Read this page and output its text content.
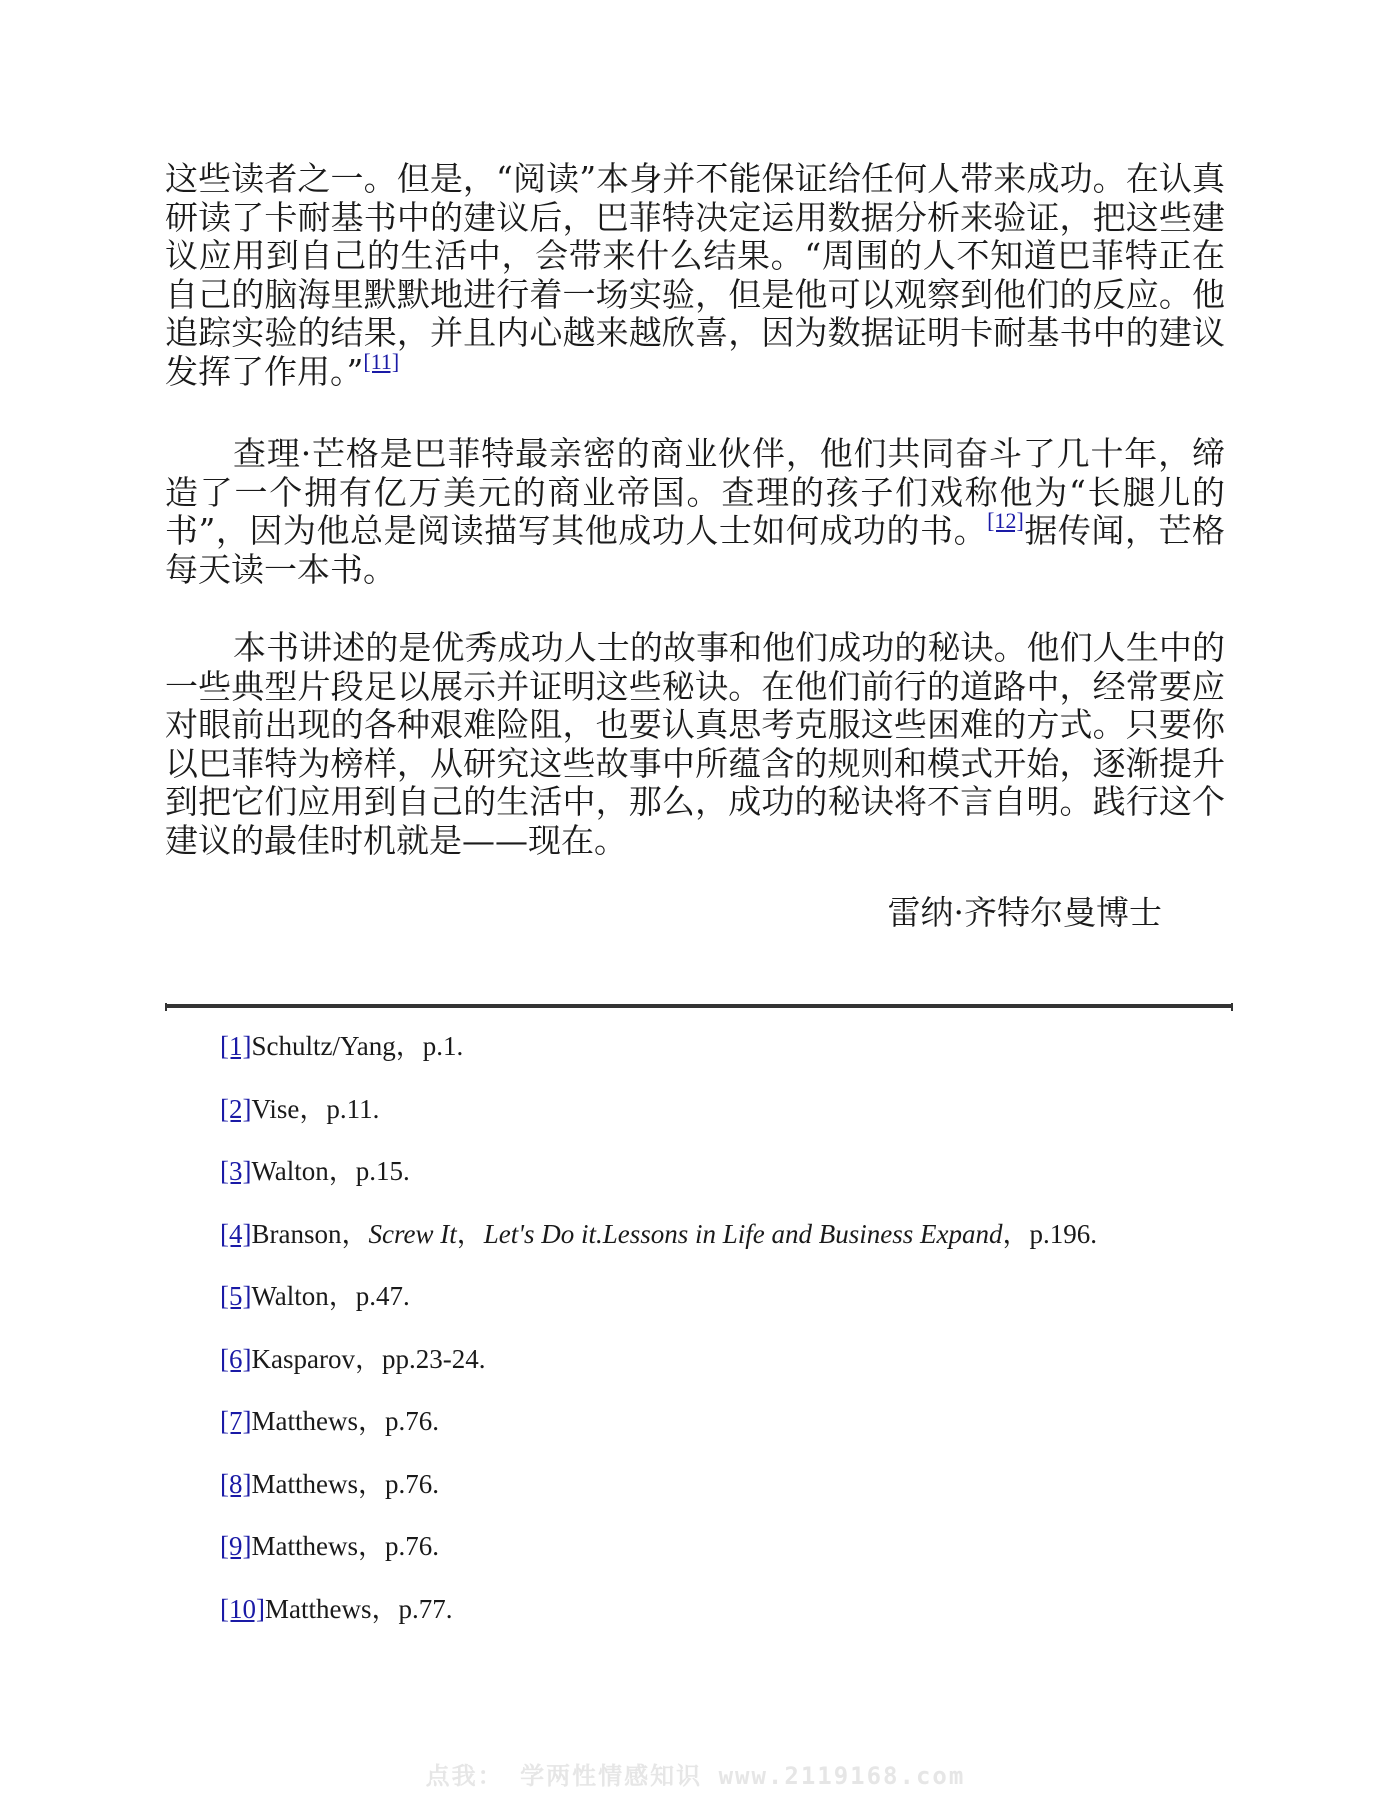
这些读者之一。但是，“阅读”本身并不能保证给任何人带来成功。在认真研读了卡耐基书中的建议后，巴菲特决定运用数据分析来验证，把这些建议应用到自己的生活中，会带来什么结果。“周围的人不知道巴菲特正在自己的脑海里默默地进行着一场实验，但是他可以观察到他们的反应。他追踪实验的结果，并且内心越来越欣喜，因为数据证明卡耐基书中的建议发挥了作用。”[11]

查理·芒格是巴菲特最亲密的商业伙伴，他们共同奋斗了几十年，缔造了一个拥有亿万美元的商业帝国。查理的孩子们戏称他为“长腿儿的书”，因为他总是阅读描写其他成功人士如何成功的书。[12]据传闻，芒格每天读一本书。

本书讲述的是优秀成功人士的故事和他们成功的秘诀。他们人生中的一些典型片段足以展示并证明这些秘诀。在他们前行的道路中，经常要应对眼前出现的各种艰难险阻，也要认真思考克服这些困难的方式。只要你以巴菲特为榜样，从研究这些故事中所蕴含的规则和模式开始，逐渐提升到把它们应用到自己的生活中，那么，成功的秘诀将不言自明。践行这个建议的最佳时机就是——现在。

雷纳·齐特尔曼博士
[1]Schultz/Yang，p.1.
[2]Vise，p.11.
[3]Walton，p.15.
[4]Branson，Screw It，Let's Do it.Lessons in Life and Business Expand，p.196.
[5]Walton，p.47.
[6]Kasparov，pp.23-24.
[7]Matthews，p.76.
[8]Matthews，p.76.
[9]Matthews，p.76.
[10]Matthews，p.77.
点我： 学两性情感知识 www.2119168.com
